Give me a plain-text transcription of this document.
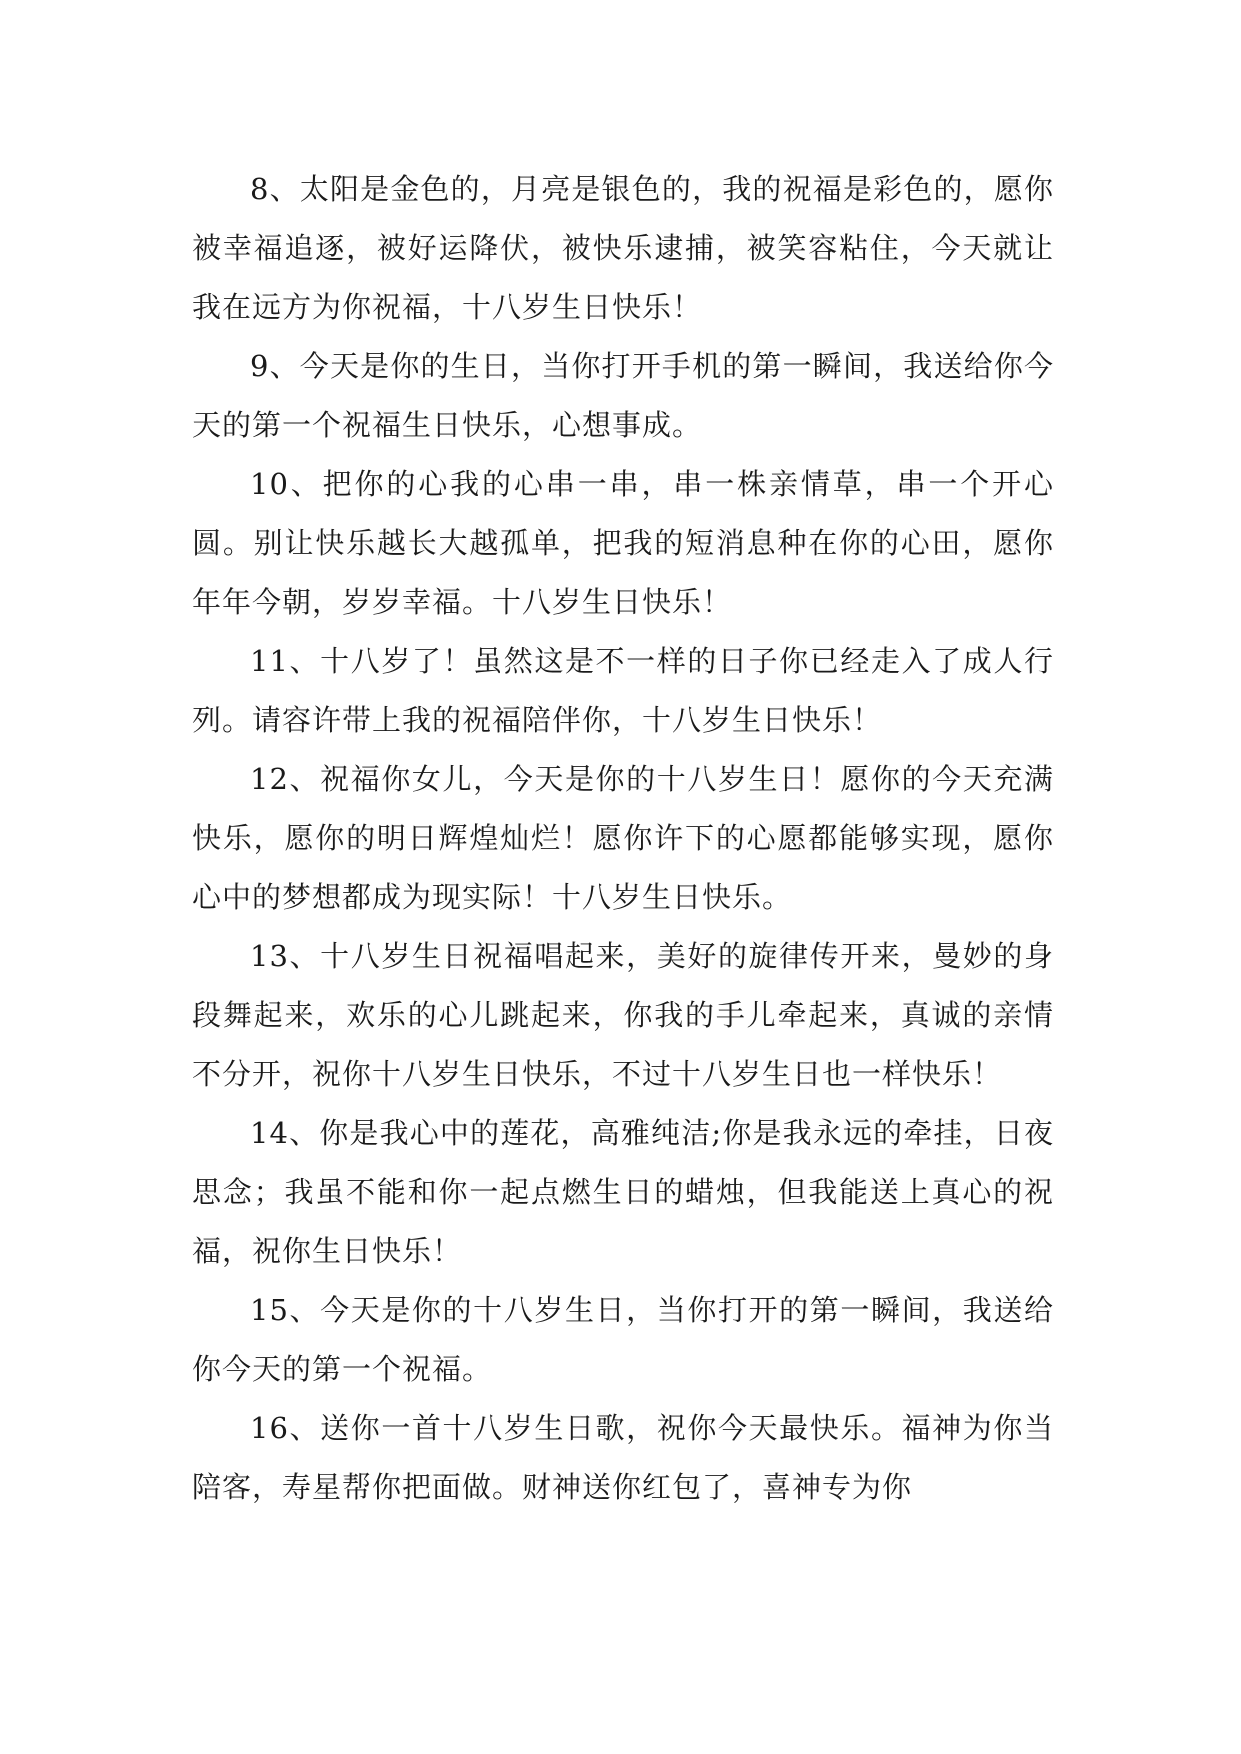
8、太阳是金色的，月亮是银色的，我的祝福是彩色的，愿你被幸福追逐，被好运降伏，被快乐逮捕，被笑容粘住，今天就让我在远方为你祝福，十八岁生日快乐！

9、今天是你的生日，当你打开手机的第一瞬间，我送给你今天的第一个祝福生日快乐，心想事成。

10、把你的心我的心串一串，串一株亲情草，串一个开心圆。别让快乐越长大越孤单，把我的短消息种在你的心田，愿你年年今朝，岁岁幸福。十八岁生日快乐！

11、十八岁了！虽然这是不一样的日子你已经走入了成人行列。请容许带上我的祝福陪伴你，十八岁生日快乐！

12、祝福你女儿，今天是你的十八岁生日！愿你的今天充满快乐，愿你的明日辉煌灿烂！愿你许下的心愿都能够实现，愿你心中的梦想都成为现实际！十八岁生日快乐。

13、十八岁生日祝福唱起来，美好的旋律传开来，曼妙的身段舞起来，欢乐的心儿跳起来，你我的手儿牵起来，真诚的亲情不分开，祝你十八岁生日快乐，不过十八岁生日也一样快乐！

14、你是我心中的莲花，高雅纯洁;你是我永远的牵挂，日夜思念；我虽不能和你一起点燃生日的蜡烛，但我能送上真心的祝福，祝你生日快乐！

15、今天是你的十八岁生日，当你打开的第一瞬间，我送给你今天的第一个祝福。

16、送你一首十八岁生日歌，祝你今天最快乐。福神为你当陪客，寿星帮你把面做。财神送你红包了，喜神专为你
